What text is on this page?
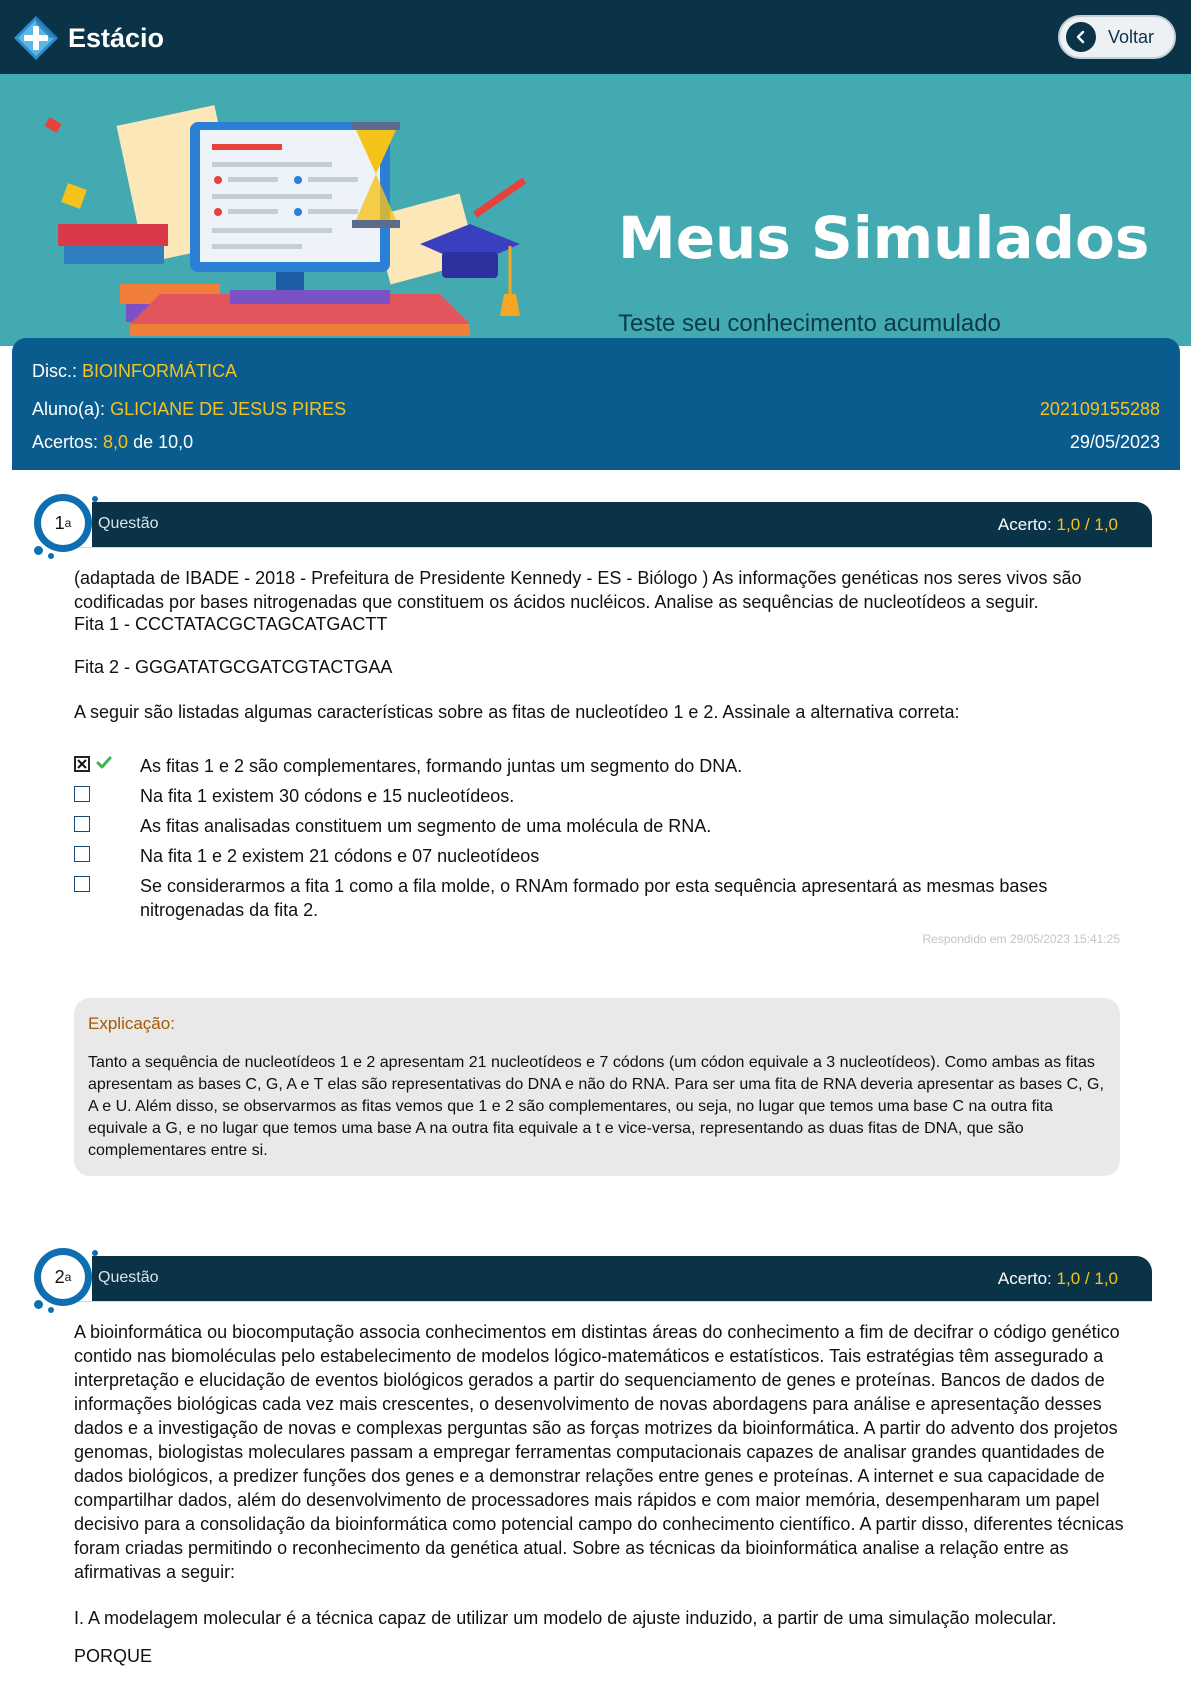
Estácio	Voltar
Meus Simulados
Teste seu conhecimento acumulado
Disc.: BIOINFORMÁTICA
Aluno(a): GLICIANE DE JESUS PIRES	202109155288
Acertos: 8,0 de 10,0	29/05/2023
Questão	Acerto: 1,0 / 1,0
1 a
(adaptada de IBADE - 2018 - Prefeitura de Presidente Kennedy - ES - Biólogo ) As informações genéticas nos seres vivos são codificadas por bases nitrogenadas que constituem os ácidos nucléicos. Analise as sequências de nucleotídeos a seguir.
Fita 1 - CCCTATACGCTAGCATGACTT
Fita 2 - GGGATATGCGATCGTACTGAA
A seguir são listadas algumas características sobre as fitas de nucleotídeo 1 e 2. Assinale a alternativa correta:
As fitas 1 e 2 são complementares, formando juntas um segmento do DNA.
Na fita 1 existem 30 códons e 15 nucleotídeos.
As fitas analisadas constituem um segmento de uma molécula de RNA.
Na fita 1 e 2 existem 21 códons e 07 nucleotídeos
Se considerarmos a fita 1 como a fila molde, o RNAm formado por esta sequência apresentará as mesmas bases nitrogenadas da fita 2.
Respondido em 29/05/2023 15:41:25
Explicação:
Tanto a sequência de nucleotídeos 1 e 2 apresentam 21 nucleotídeos e 7 códons (um códon equivale a 3 nucleotídeos). Como ambas as fitas apresentam as bases C, G, A e T elas são representativas do DNA e não do RNA. Para ser uma fita de RNA deveria apresentar as bases C, G, A e U. Além disso, se observarmos as fitas vemos que 1 e 2 são complementares, ou seja, no lugar que temos uma base C na outra fita equivale a G, e no lugar que temos uma base A na outra fita equivale a t e vice-versa, representando as duas fitas de DNA, que são complementares entre si.
Questão	Acerto: 1,0 / 1,0
2 a
A bioinformática ou biocomputação associa conhecimentos em distintas áreas do conhecimento a fim de decifrar o código genético contido nas biomoléculas pelo estabelecimento de modelos lógico-matemáticos e estatísticos. Tais estratégias têm assegurado a interpretação e elucidação de eventos biológicos gerados a partir do sequenciamento de genes e proteínas. Bancos de dados de informações biológicas cada vez mais crescentes, o desenvolvimento de novas abordagens para análise e apresentação desses dados e a investigação de novas e complexas perguntas são as forças motrizes da bioinformática. A partir do advento dos projetos genomas, biologistas moleculares passam a empregar ferramentas computacionais capazes de analisar grandes quantidades de dados biológicos, a predizer funções dos genes e a demonstrar relações entre genes e proteínas. A internet e sua capacidade de compartilhar dados, além do desenvolvimento de processadores mais rápidos e com maior memória, desempenharam um papel decisivo para a consolidação da bioinformática como potencial campo do conhecimento científico. A partir disso, diferentes técnicas foram criadas permitindo o reconhecimento da genética atual. Sobre as técnicas da bioinformática analise a relação entre as afirmativas a seguir:
I. A modelagem molecular é a técnica capaz de utilizar um modelo de ajuste induzido, a partir de uma simulação molecular.
PORQUE
